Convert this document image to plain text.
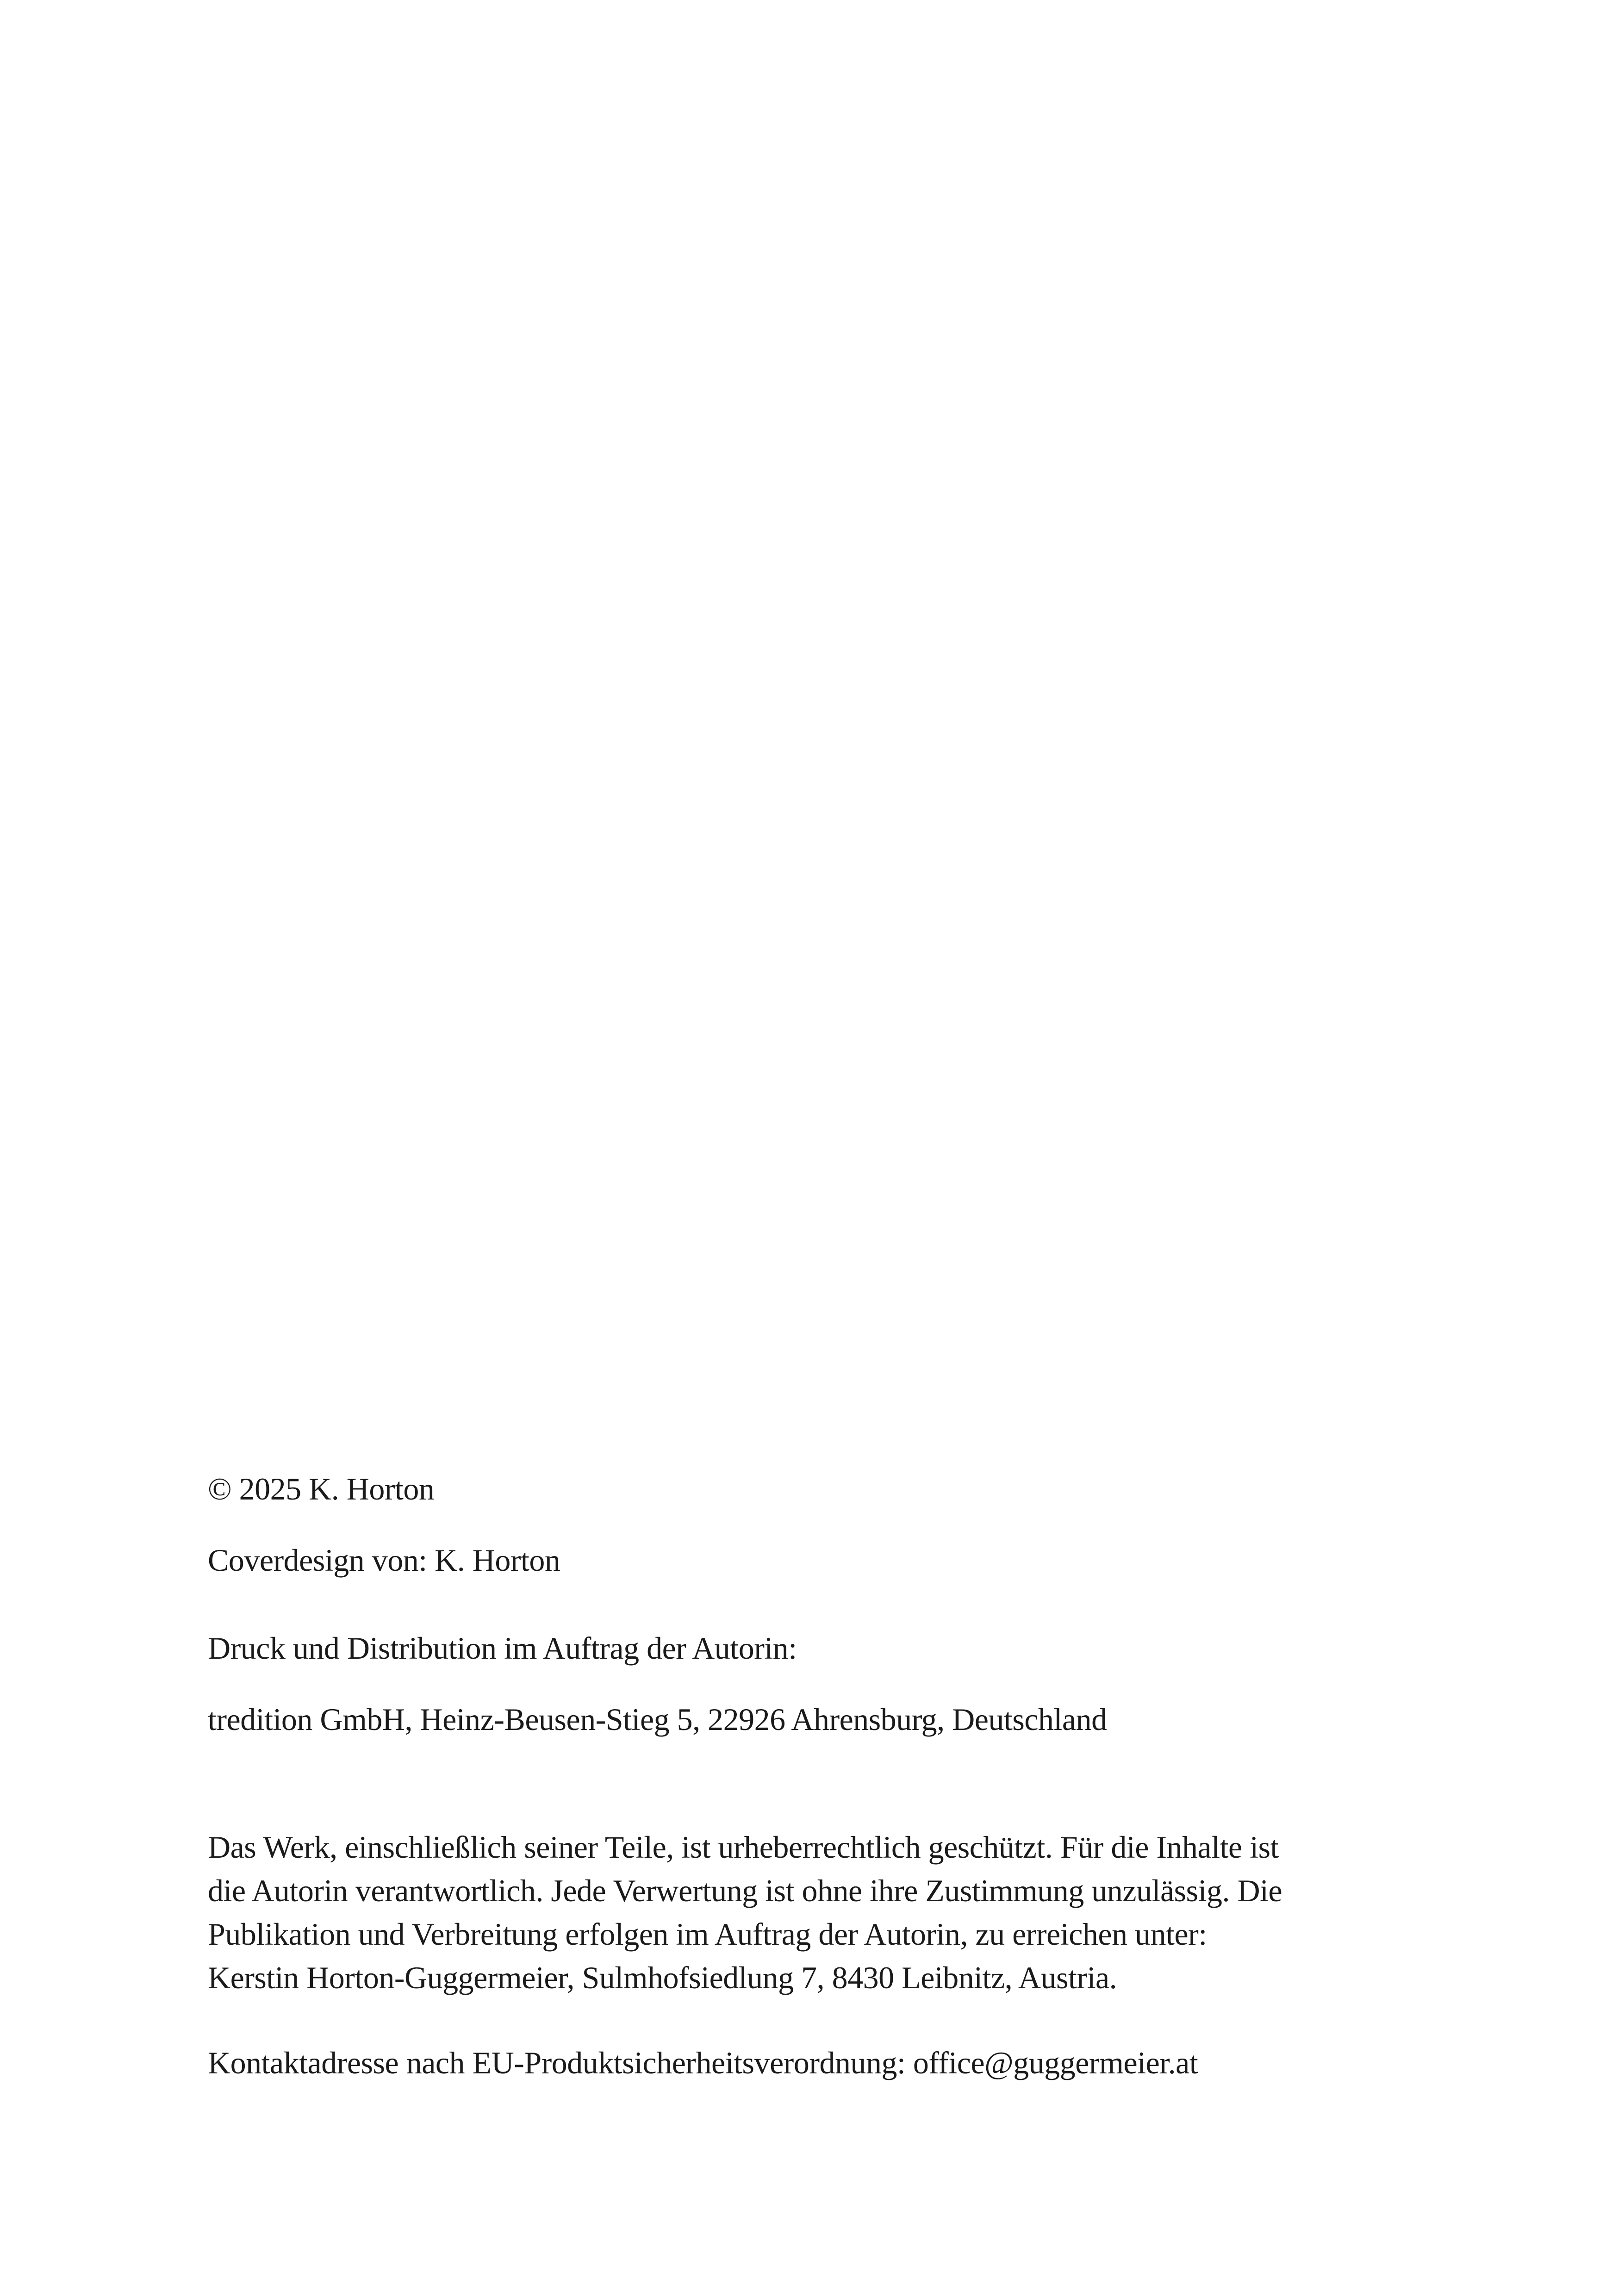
© 2025 K. Horton
Coverdesign von: K. Horton
Druck und Distribution im Auftrag der Autorin:
tredition GmbH, Heinz-Beusen-Stieg 5, 22926 Ahrensburg, Deutschland
Das Werk, einschließlich seiner Teile, ist urheberrechtlich geschützt. Für die Inhalte ist
die Autorin verantwortlich. Jede Verwertung ist ohne ihre Zustimmung unzulässig. Die
Publikation und Verbreitung erfolgen im Auftrag der Autorin, zu erreichen unter:
Kerstin Horton-Guggermeier, Sulmhofsiedlung 7, 8430 Leibnitz, Austria.
Kontaktadresse nach EU-Produktsicherheitsverordnung: office@guggermeier.at
